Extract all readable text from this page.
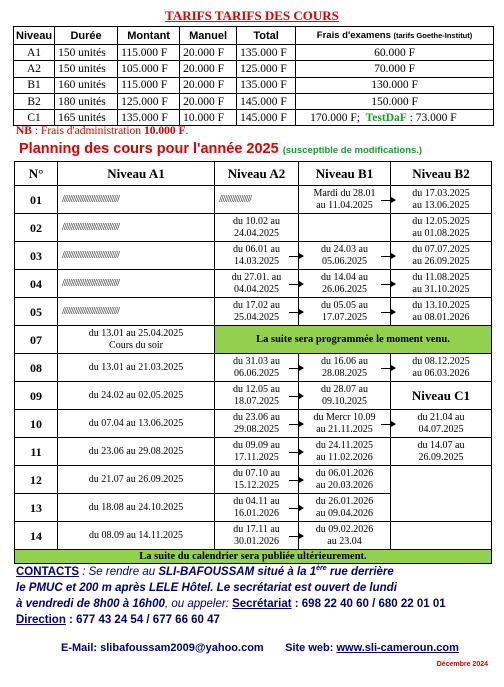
TARIFS TARIFS DES COURS
Niveau	Durée	Montant	Manuel	Total	Frais d'examens (tarifs Goethe-Institut)
A1	150 unités	115.000 F	20.000 F	135.000 F	60.000 F
A2	150 unités	105.000 F	20.000 F	125.000 F	70.000 F
B1	160 unités	115.000 F	20.000 F	135.000 F	130.000 F
B2	180 unités	125.000 F	20.000 F	145.000 F	150.000 F
C1	165 unités	135.000 F	10.000 F	145.000 F	170.000 F; TestDaF : 73.000 F
NB : Frais d'administration 10.000 F.
Planning des cours pour l'année 2025 (susceptible de modifications.)
N°	Niveau A1	Niveau A2	Niveau B1	Niveau B2
01	////////////////////////////////	//////////////////	Mardi du 28.01
au 11.04.2025	du 17.03.2025
au 13.06.2025
02	////////////////////////////////	du 10.02 au
24.04.2025		du 12.05.2025
au 01.08.2025
03	////////////////////////////////	du 06.01 au
14.03.2025	du 24.03 au
05.06.2025	du 07.07.2025
au 26.09.2025
04	////////////////////////////////	du 27.01. au
04.04.2025	du 14.04 au
26.06.2025	du 11.08.2025
au 31.10.2025
05	////////////////////////////////	du 17.02 au
25.04.2025	du 05.05 au
17.07.2025	du 13.10.2025
au 08.01.2026
07	du 13.01 au 25.04.2025
Cours du soir	La suite sera programmée le moment venu.		
08	du 13.01 au 21.03.2025	du 31.03 au
06.06.2025	du 16.06 au
28.08.2025	du 08.12.2025
au 06.03.2026
09	du 24.02 au 02.05.2025	du 12.05 au
18.07.2025	du 28.07 au
09.10.2025	Niveau C1
10	du 07.04 au 13.06.2025	du 23.06 au
29.08.2025	du Mercr 10.09
au 21.11.2025	du 21.04 au
04.07.2025
11	du 23.06 au 29.08.2025	du 09.09 au
17.11.2025	du 24.11.2025
au 11.02.2026	du 14.07 au
26.09.2025
12	du 21.07 au 26.09.2025	du 07.10 au
15.12.2025	du 06.01.2026
au 20.03.2026	
13	du 18.08 au 24.10.2025	du 04.11 au
16.01.2026	du 26.01.2026
au 09.04.2026	
14	du 08.09 au 14.11.2025	du 17.11 au
30.01.2026	du 09.02.2026
au 23.04	
La suite du calendrier sera publiée ultérieurement.				
CONTACTS : Se rendre au SLI-BAFOUSSAM situé à la 1ère rue derrière
le PMUC et 200 m après LELE Hôtel. Le secrétariat est ouvert de lundi
à vendredi de 8h00 à 16h00, ou appeler: Secrétariat : 698 22 40 60 / 680 22 01 01
Direction : 677 43 24 54 / 677 66 60 47
E-Mail: slibafoussam2009@yahoo.com Site web: www.sli-cameroun.com
Décembre 2024
